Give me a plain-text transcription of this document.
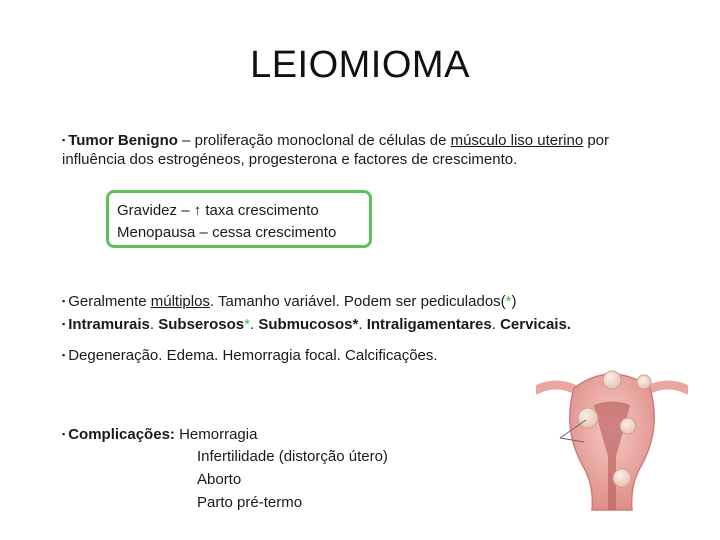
LEIOMIOMA
▪ Tumor Benigno – proliferação monoclonal de células de músculo liso uterino por
influência dos estrogéneos, progesterona e factores de crescimento.
Gravidez – ↑ taxa crescimento
Menopausa – cessa crescimento
▪ Geralmente múltiplos. Tamanho variável. Podem ser pediculados(*)
▪ Intramurais. Subserosos*. Submucosos*. Intraligamentares. Cervicais.
▪ Degeneração. Edema. Hemorragia focal. Calcificações.
▪ Complicações: Hemorragia
Infertilidade (distorção útero)
Aborto
Parto pré-termo
